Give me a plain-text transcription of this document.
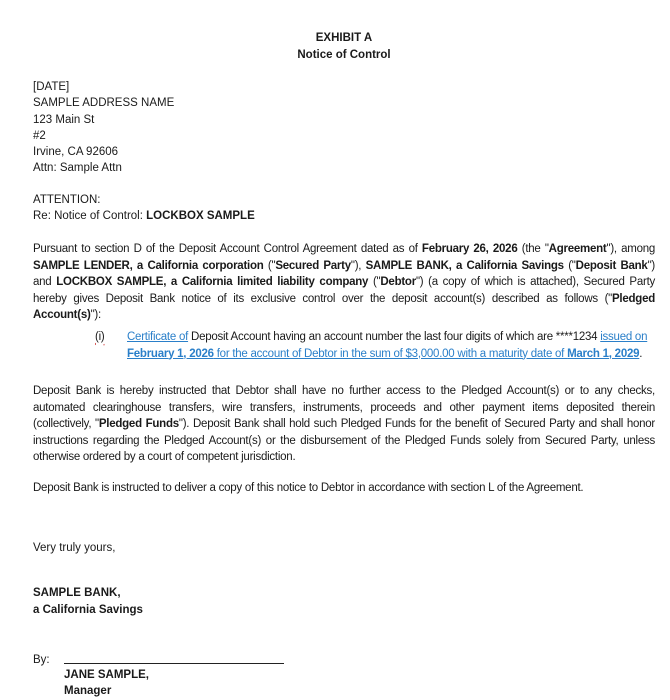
EXHIBIT A
Notice of Control
[DATE]
SAMPLE ADDRESS NAME
123 Main St
#2
Irvine, CA 92606
Attn: Sample Attn
ATTENTION:
Re: Notice of Control: LOCKBOX SAMPLE
Pursuant to section D of the Deposit Account Control Agreement dated as of February 26, 2026 (the "Agreement"), among SAMPLE LENDER, a California corporation ("Secured Party"), SAMPLE BANK, a California Savings ("Deposit Bank") and LOCKBOX SAMPLE, a California limited liability company ("Debtor") (a copy of which is attached), Secured Party hereby gives Deposit Bank notice of its exclusive control over the deposit account(s) described as follows ("Pledged Account(s)"):
(i) Certificate of Deposit Account having an account number the last four digits of which are ****1234 issued on February 1, 2026 for the account of Debtor in the sum of $3,000.00 with a maturity date of March 1, 2029.
Deposit Bank is hereby instructed that Debtor shall have no further access to the Pledged Account(s) or to any checks, automated clearinghouse transfers, wire transfers, instruments, proceeds and other payment items deposited therein (collectively, "Pledged Funds"). Deposit Bank shall hold such Pledged Funds for the benefit of Secured Party and shall honor instructions regarding the Pledged Account(s) or the disbursement of the Pledged Funds solely from Secured Party, unless otherwise ordered by a court of competent jurisdiction.
Deposit Bank is instructed to deliver a copy of this notice to Debtor in accordance with section L of the Agreement.
Very truly yours,
SAMPLE BANK,
a California Savings
By:
JANE SAMPLE,
Manager
